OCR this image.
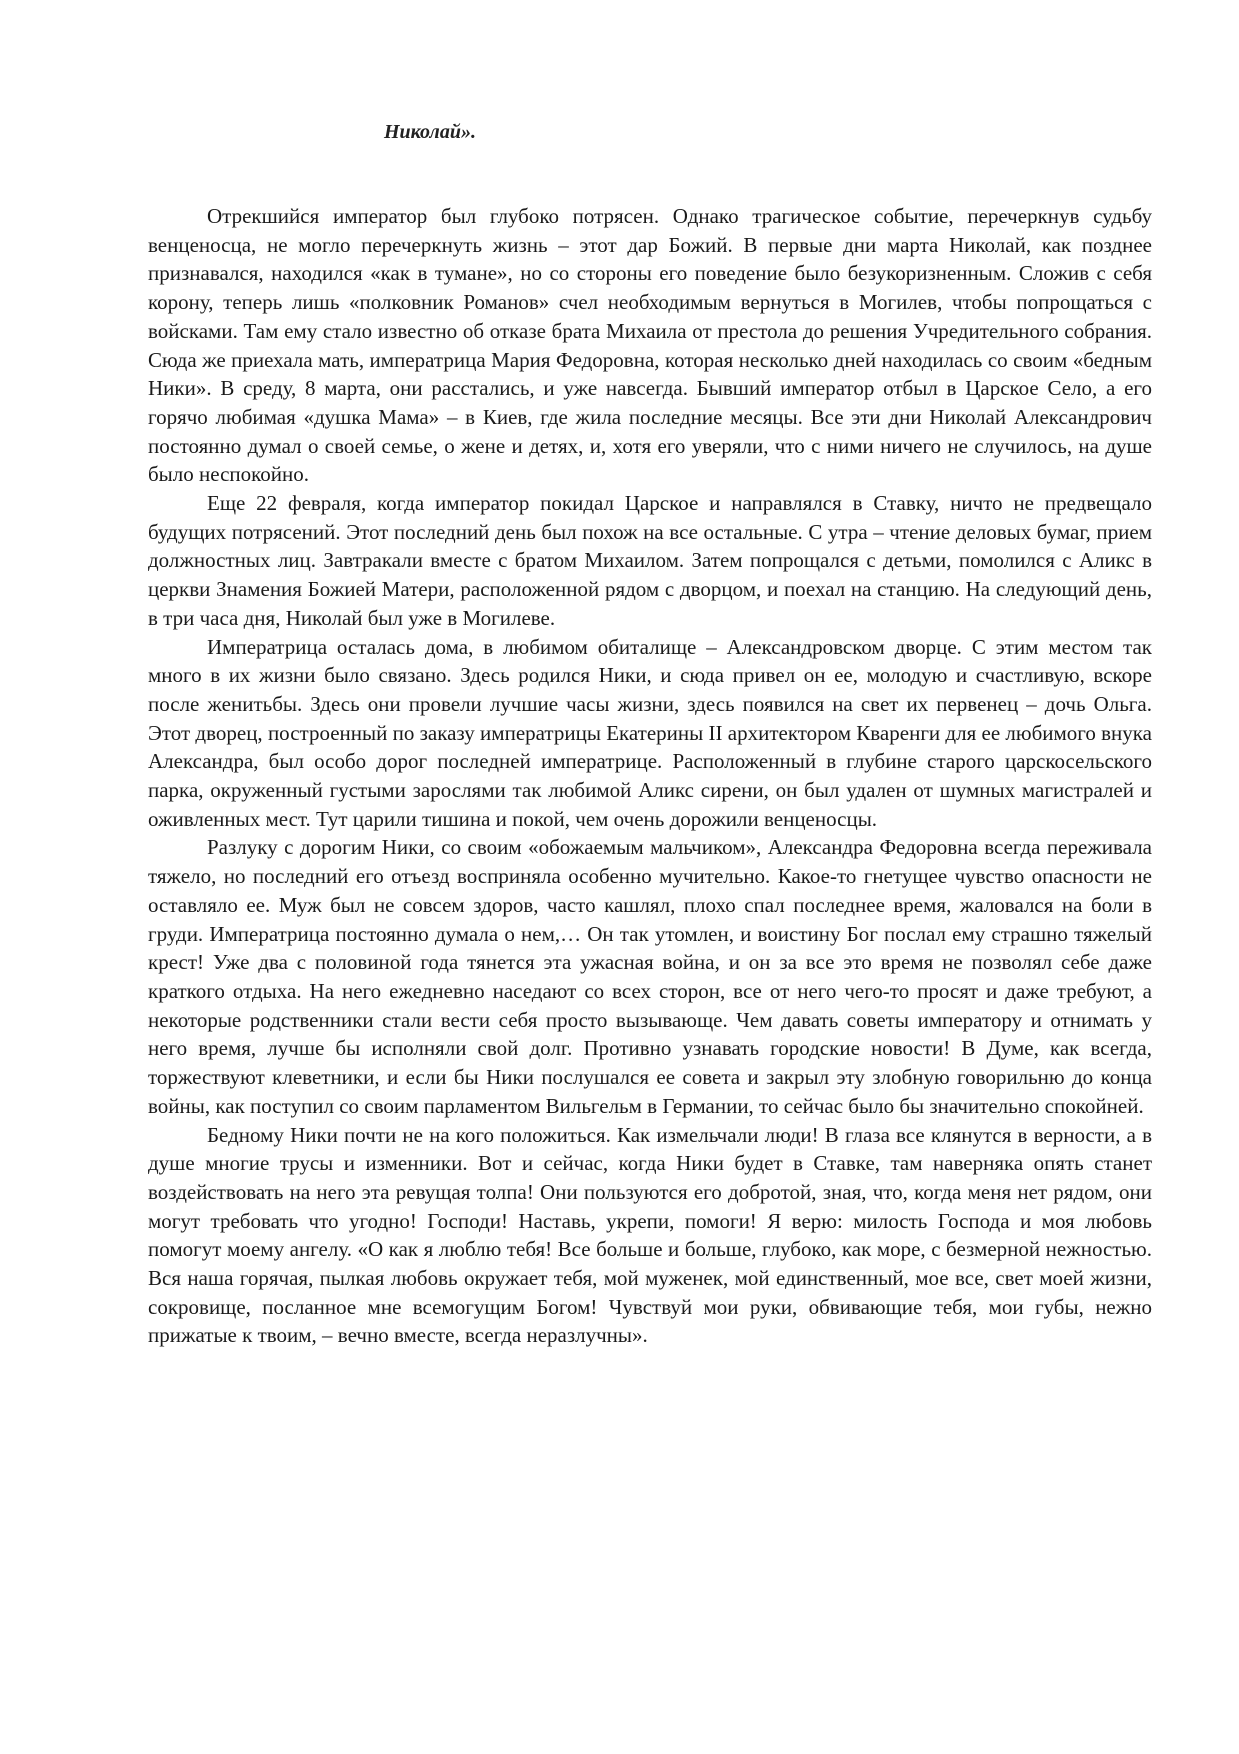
Николай».

Отрекшийся император был глубоко потрясен. Однако трагическое событие, перечеркнув судьбу венценосца, не могло перечеркнуть жизнь – этот дар Божий. В первые дни марта Николай, как позднее признавался, находился «как в тумане», но со стороны его поведение было безукоризненным. Сложив с себя корону, теперь лишь «полковник Романов» счел необходимым вернуться в Могилев, чтобы попрощаться с войсками. Там ему стало известно об отказе брата Михаила от престола до решения Учредительного собрания. Сюда же приехала мать, императрица Мария Федоровна, которая несколько дней находилась со своим «бедным Ники». В среду, 8 марта, они расстались, и уже навсегда. Бывший император отбыл в Царское Село, а его горячо любимая «душка Мама» – в Киев, где жила последние месяцы. Все эти дни Николай Александрович постоянно думал о своей семье, о жене и детях, и, хотя его уверяли, что с ними ничего не случилось, на душе было неспокойно.

Еще 22 февраля, когда император покидал Царское и направлялся в Ставку, ничто не предвещало будущих потрясений. Этот последний день был похож на все остальные. С утра – чтение деловых бумаг, прием должностных лиц. Завтракали вместе с братом Михаилом. Затем попрощался с детьми, помолился с Аликс в церкви Знамения Божией Матери, расположенной рядом с дворцом, и поехал на станцию. На следующий день, в три часа дня, Николай был уже в Могилеве.

Императрица осталась дома, в любимом обиталище – Александровском дворце. С этим местом так много в их жизни было связано. Здесь родился Ники, и сюда привел он ее, молодую и счастливую, вскоре после женитьбы. Здесь они провели лучшие часы жизни, здесь появился на свет их первенец – дочь Ольга. Этот дворец, построенный по заказу императрицы Екатерины II архитектором Кваренги для ее любимого внука Александра, был особо дорог последней императрице. Расположенный в глубине старого царскосельского парка, окруженный густыми зарослями так любимой Аликс сирени, он был удален от шумных магистралей и оживленных мест. Тут царили тишина и покой, чем очень дорожили венценосцы.

Разлуку с дорогим Ники, со своим «обожаемым мальчиком», Александра Федоровна всегда переживала тяжело, но последний его отъезд восприняла особенно мучительно. Какое-то гнетущее чувство опасности не оставляло ее. Муж был не совсем здоров, часто кашлял, плохо спал последнее время, жаловался на боли в груди. Императрица постоянно думала о нем,… Он так утомлен, и воистину Бог послал ему страшно тяжелый крест! Уже два с половиной года тянется эта ужасная война, и он за все это время не позволял себе даже краткого отдыха. На него ежедневно наседают со всех сторон, все от него чего-то просят и даже требуют, а некоторые родственники стали вести себя просто вызывающе. Чем давать советы императору и отнимать у него время, лучше бы исполняли свой долг. Противно узнавать городские новости! В Думе, как всегда, торжествуют клеветники, и если бы Ники послушался ее совета и закрыл эту злобную говорильню до конца войны, как поступил со своим парламентом Вильгельм в Германии, то сейчас было бы значительно спокойней.

Бедному Ники почти не на кого положиться. Как измельчали люди! В глаза все клянутся в верности, а в душе многие трусы и изменники. Вот и сейчас, когда Ники будет в Ставке, там наверняка опять станет воздействовать на него эта ревущая толпа! Они пользуются его добротой, зная, что, когда меня нет рядом, они могут требовать что угодно! Господи! Наставь, укрепи, помоги! Я верю: милость Господа и моя любовь помогут моему ангелу. «О как я люблю тебя! Все больше и больше, глубоко, как море, с безмерной нежностью. Вся наша горячая, пылкая любовь окружает тебя, мой муженек, мой единственный, мое все, свет моей жизни, сокровище, посланное мне всемогущим Богом! Чувствуй мои руки, обвивающие тебя, мои губы, нежно прижатые к твоим, – вечно вместе, всегда неразлучны».
